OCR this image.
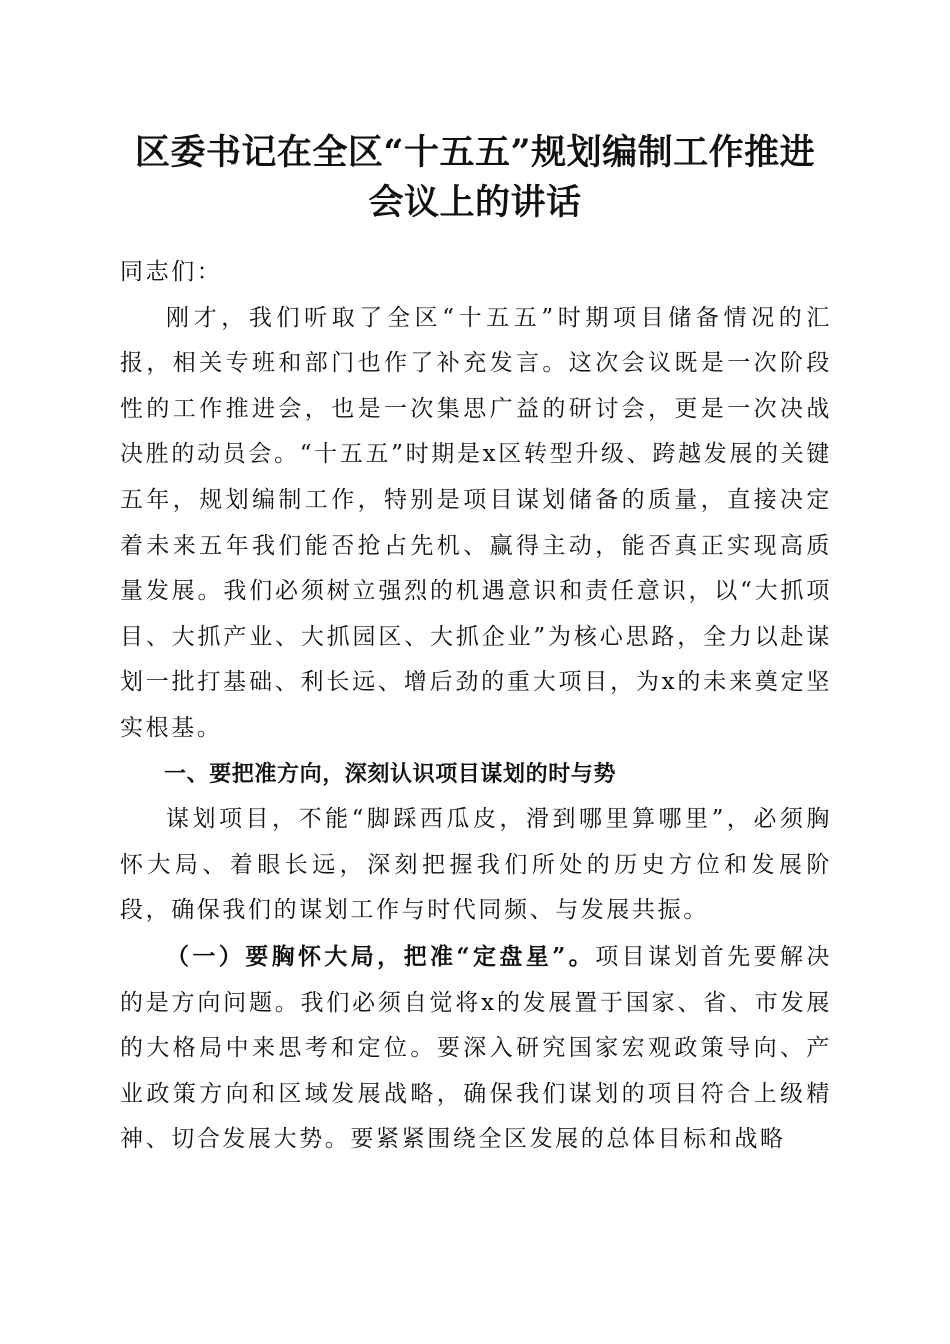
区委书记在全区“十五五”规划编制工作推进
会议上的讲话

同志们：

刚才，我们听取了全区“十五五”时期项目储备情况的汇报，相关专班和部门也作了补充发言。这次会议既是一次阶段性的工作推进会，也是一次集思广益的研讨会，更是一次决战决胜的动员会。“十五五”时期是x区转型升级、跨越发展的关键五年，规划编制工作，特别是项目谋划储备的质量，直接决定着未来五年我们能否抢占先机、赢得主动，能否真正实现高质量发展。我们必须树立强烈的机遇意识和责任意识，以“大抓项目、大抓产业、大抓园区、大抓企业”为核心思路，全力以赴谋划一批打基础、利长远、增后劲的重大项目，为x的未来奠定坚实根基。

一、要把准方向，深刻认识项目谋划的时与势

谋划项目，不能“脚踩西瓜皮，滑到哪里算哪里”，必须胸怀大局、着眼长远，深刻把握我们所处的历史方位和发展阶段，确保我们的谋划工作与时代同频、与发展共振。

（一）要胸怀大局，把准“定盘星”。项目谋划首先要解决的是方向问题。我们必须自觉将x的发展置于国家、省、市发展的大格局中来思考和定位。要深入研究国家宏观政策导向、产业政策方向和区域发展战略，确保我们谋划的项目符合上级精神、切合发展大势。要紧紧围绕全区发展的总体目标和战略
